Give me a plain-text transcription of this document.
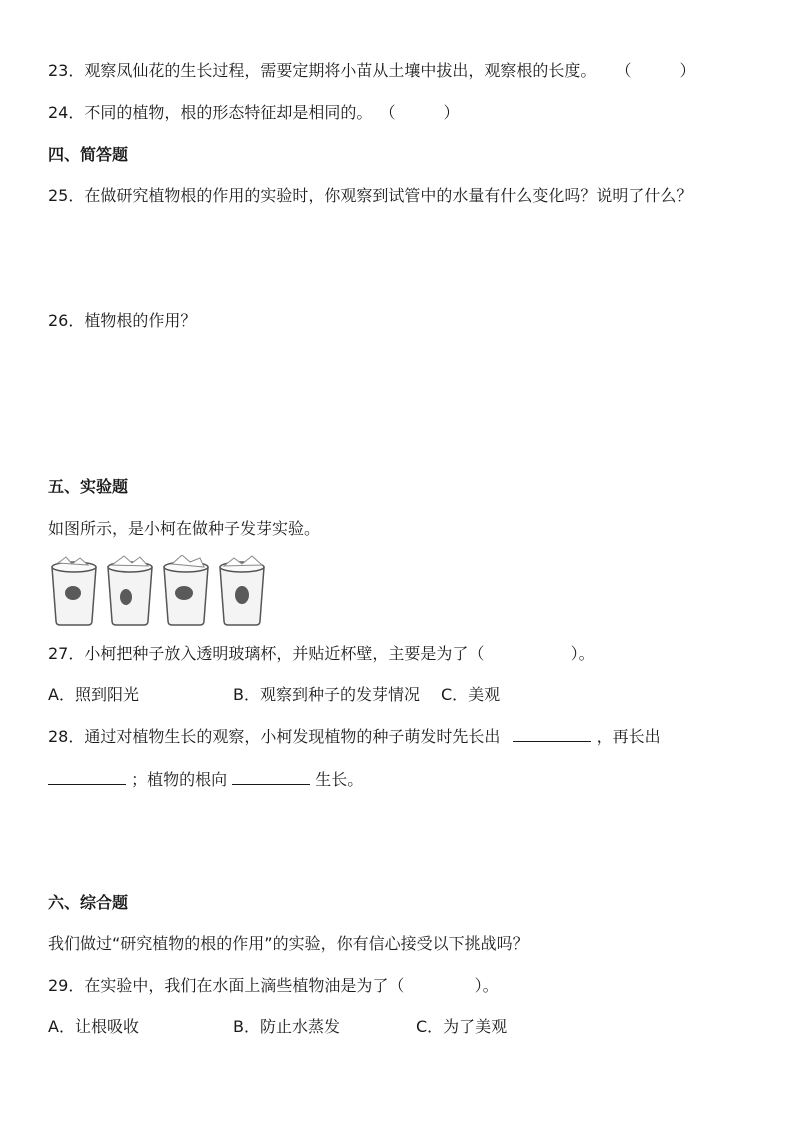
23．观察凤仙花的生长过程，需要定期将小苗从土壤中拔出，观察根的长度。 （　　　）
24．不同的植物，根的形态特征却是相同的。 （　　　）
四、简答题
25．在做研究植物根的作用的实验时，你观察到试管中的水量有什么变化吗？说明了什么？
26．植物根的作用？
五、实验题
如图所示，是小柯在做种子发芽实验。
27．小柯把种子放入透明玻璃杯，并贴近杯壁，主要是为了（	）。
A．照到阳光	B．观察到种子的发芽情况 C．美观
28．通过对植物生长的观察，小柯发现植物的种子萌发时先长出	，再长出
；植物的根向	生长。
六、综合题
我们做过“研究植物的根的作用”的实验，你有信心接受以下挑战吗？
29．在实验中，我们在水面上滴些植物油是为了（	）。
A．让根吸收	B．防止水蒸发	C．为了美观
